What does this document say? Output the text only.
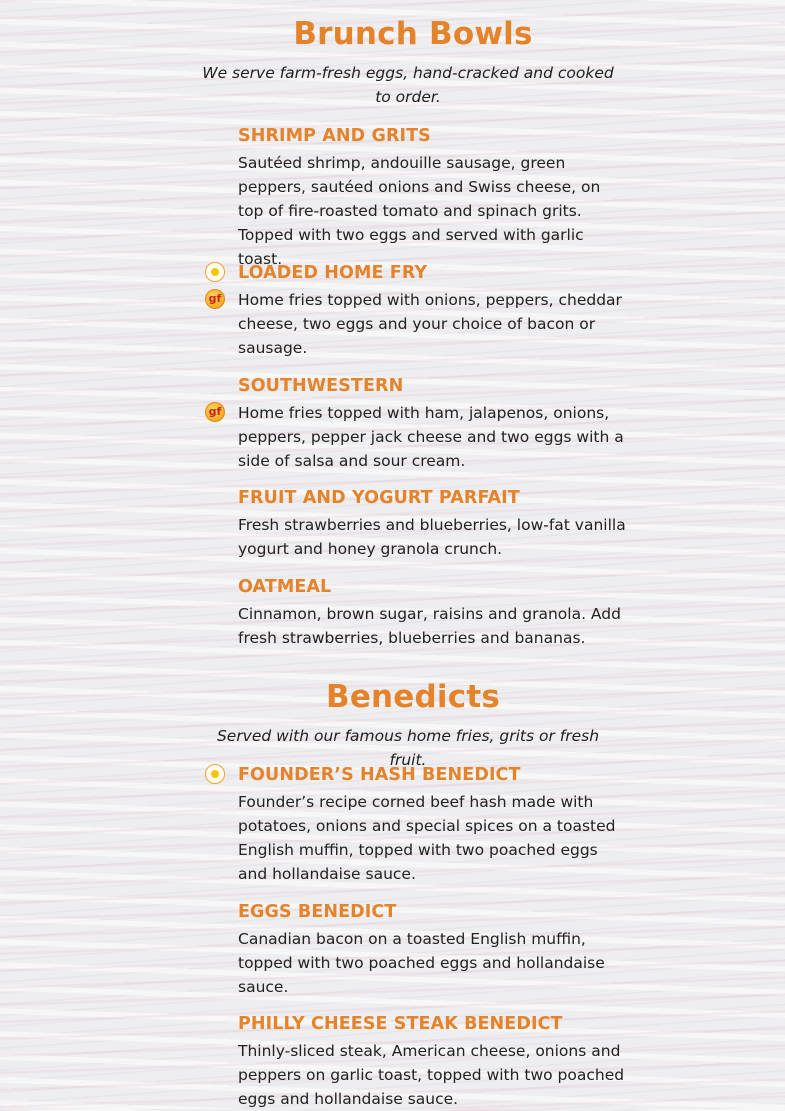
Brunch Bowls

We serve farm-fresh eggs, hand-cracked and cooked to order.

SHRIMP AND GRITS

Sautéed shrimp, andouille sausage, green peppers, sautéed onions and Swiss cheese, on top of fire-roasted tomato and spinach grits. Topped with two eggs and served with garlic toast.

gf
LOADED HOME FRY

Home fries topped with onions, peppers, cheddar cheese, two eggs and your choice of bacon or sausage.

gf
SOUTHWESTERN

Home fries topped with ham, jalapenos, onions, peppers, pepper jack cheese and two eggs with a side of salsa and sour cream.

FRUIT AND YOGURT PARFAIT

Fresh strawberries and blueberries, low-fat vanilla yogurt and honey granola crunch.

OATMEAL

Cinnamon, brown sugar, raisins and granola. Add fresh strawberries, blueberries and bananas.

Benedicts

Served with our famous home fries, grits or fresh fruit.

FOUNDER’S HASH BENEDICT

Founder’s recipe corned beef hash made with potatoes, onions and special spices on a toasted English muffin, topped with two poached eggs and hollandaise sauce.

EGGS BENEDICT

Canadian bacon on a toasted English muffin, topped with two poached eggs and hollandaise sauce.

PHILLY CHEESE STEAK BENEDICT

Thinly-sliced steak, American cheese, onions and peppers on garlic toast, topped with two poached eggs and hollandaise sauce.
